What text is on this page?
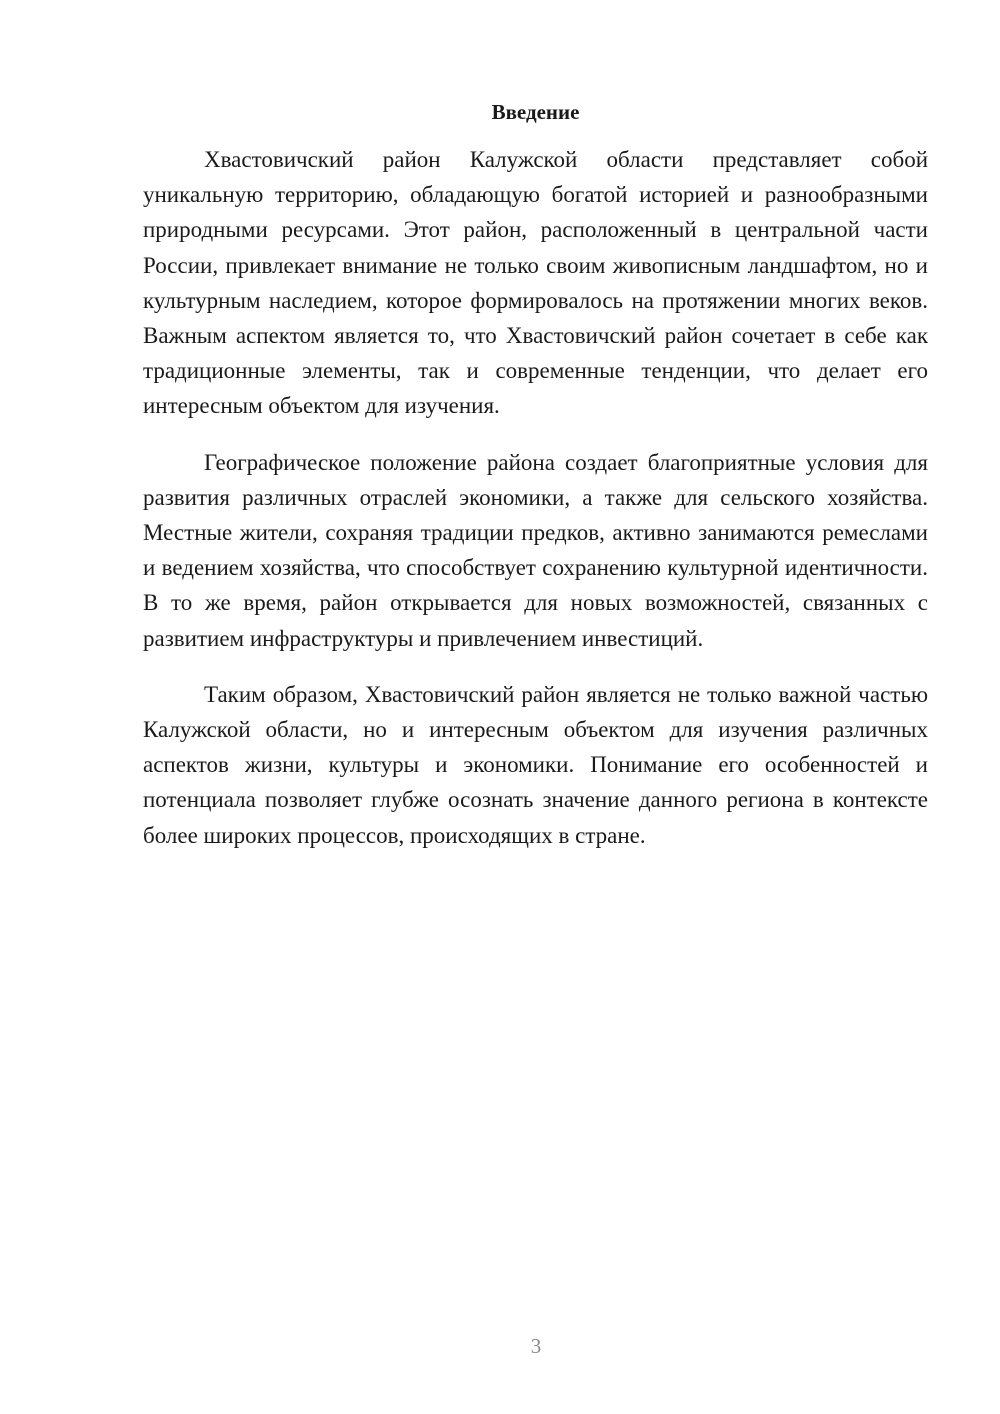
Введение

Хвастовичский район Калужской области представляет собой уникальную территорию, обладающую богатой историей и разнообразными природными ресурсами. Этот район, расположенный в центральной части России, привлекает внимание не только своим живописным ландшафтом, но и культурным наследием, которое формировалось на протяжении многих веков. Важным аспектом является то, что Хвастовичский район сочетает в себе как традиционные элементы, так и современные тенденции, что делает его интересным объектом для изучения.

Географическое положение района создает благоприятные условия для развития различных отраслей экономики, а также для сельского хозяйства. Местные жители, сохраняя традиции предков, активно занимаются ремеслами и ведением хозяйства, что способствует сохранению культурной идентичности. В то же время, район открывается для новых возможностей, связанных с развитием инфраструктуры и привлечением инвестиций.

Таким образом, Хвастовичский район является не только важной частью Калужской области, но и интересным объектом для изучения различных аспектов жизни, культуры и экономики. Понимание его особенностей и потенциала позволяет глубже осознать значение данного региона в контексте более широких процессов, происходящих в стране.

3
